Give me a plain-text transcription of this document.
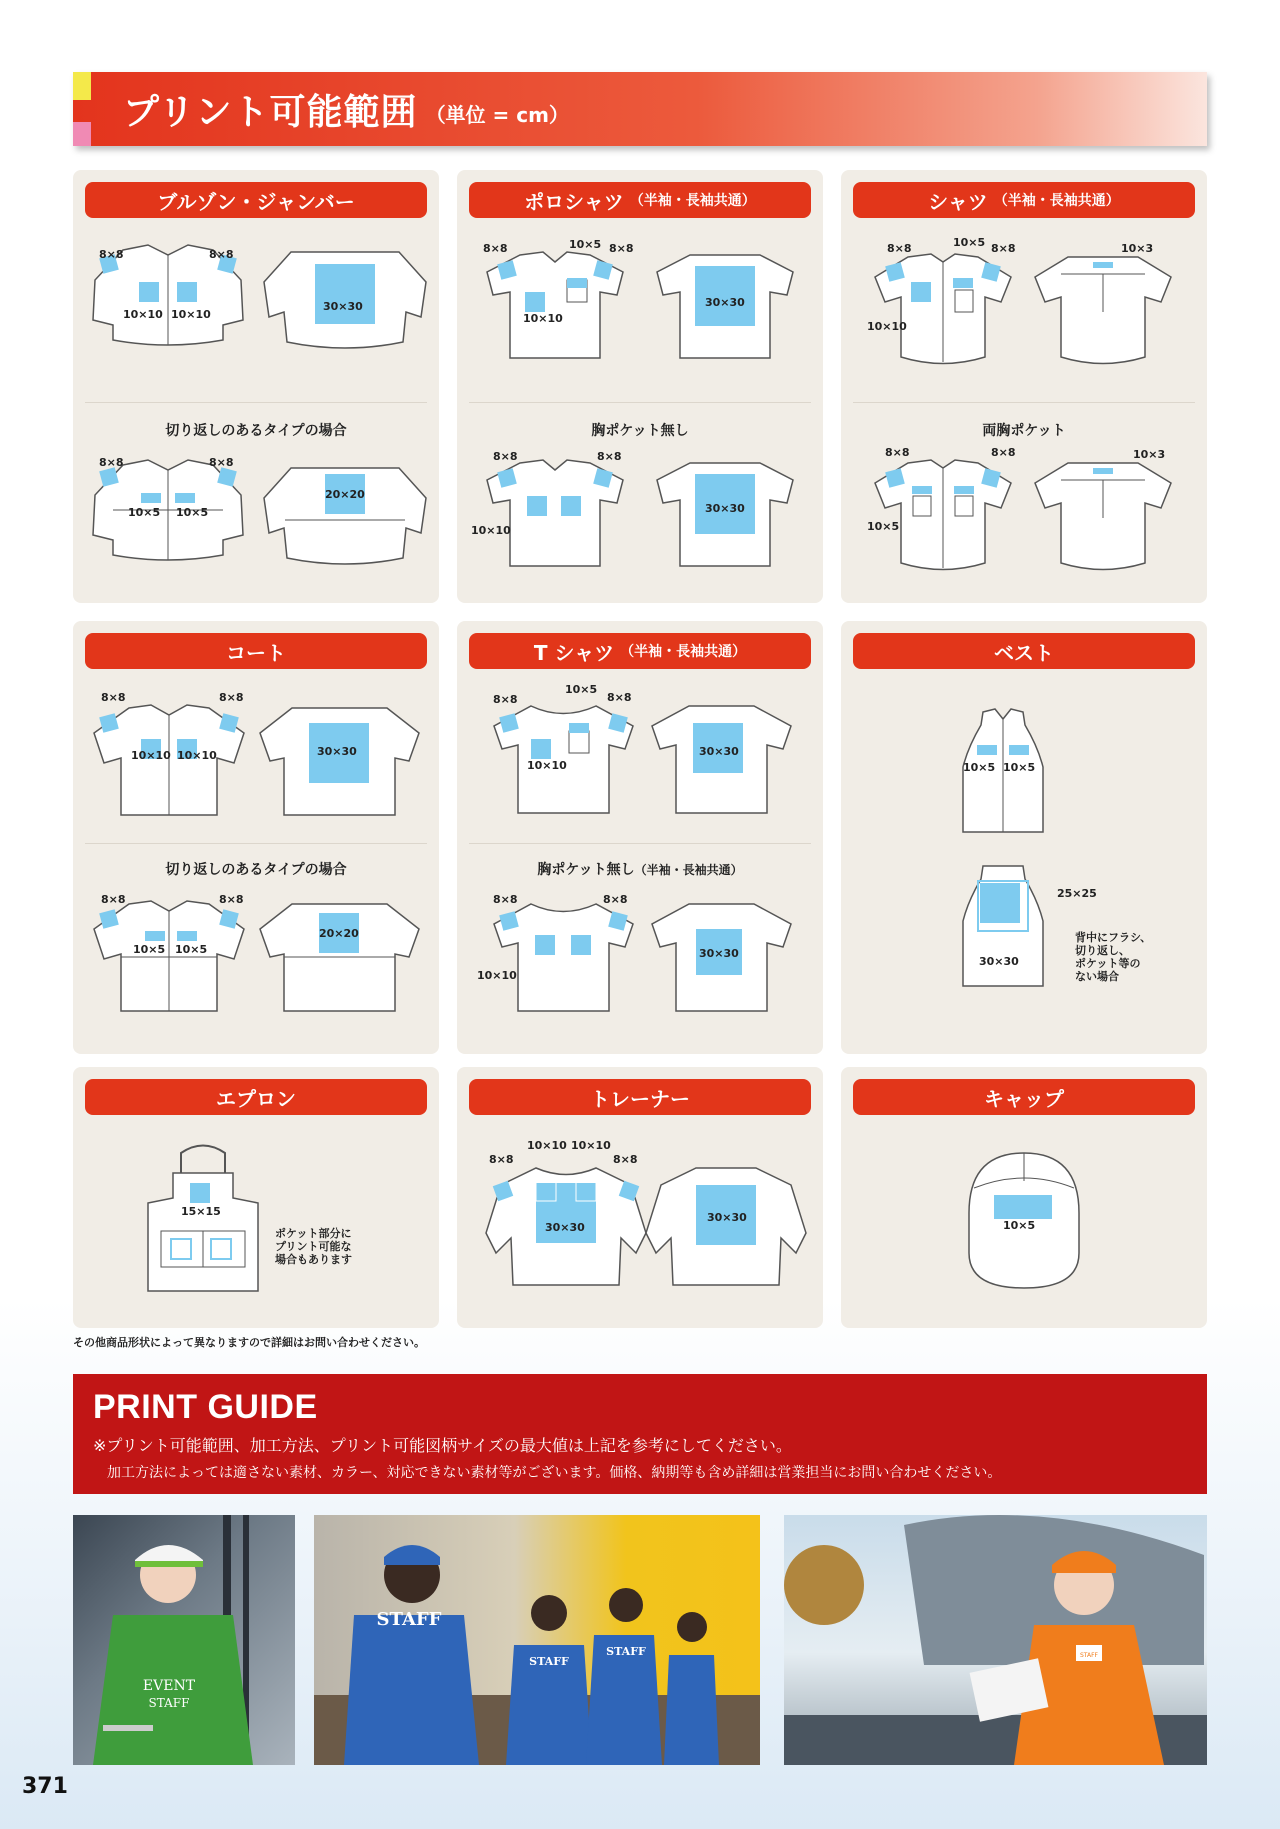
プリント可能範囲 （単位 = cm）
ブルゾン・ジャンバー
8×8	8×8
10×10 10×10
30×30
切り返しのあるタイプの場合
8×8	8×8
10×5 10×5
20×20
ポロシャツ （半袖・長袖共通）
8×8	10×5 8×8
10×10
30×30
胸ポケット無し
8×8	8×8
10×10
30×30
シャツ （半袖・長袖共通）
8×8	10×5 8×8
10×10
10×3
両胸ポケット
8×8	8×8
10×5
10×3
コート
8×8	8×8
10×10 10×10	30×30
切り返しのあるタイプの場合
8×8	8×8
10×5 10×5
20×20
T シャツ （半袖・長袖共通）
8×8
10×5
8×8
10×10
30×30
胸ポケット無し（半袖・長袖共通）
8×8	8×8
10×10
30×30
ベスト
10×5 10×5
25×25
30×30
背中にフラシ、
切り返し、
ポケット等の
ない場合
エプロン
15×15
ポケット部分に
プリント可能な
場合もあります
トレーナー
8×8
10×10 10×10
8×8
30×30
30×30
キャップ
10×5
その他商品形状によって異なりますので詳細はお問い合わせください。
PRINT GUIDE
※プリント可能範囲、加工方法、プリント可能図柄サイズの最大値は上記を参考にしてください。
加工方法によっては適さない素材、カラー、対応できない素材等がございます。価格、納期等も含め詳細は営業担当にお問い合わせください。
EVENT
STAFF
STAFF
STAFF
STAFF	STAFF
371
